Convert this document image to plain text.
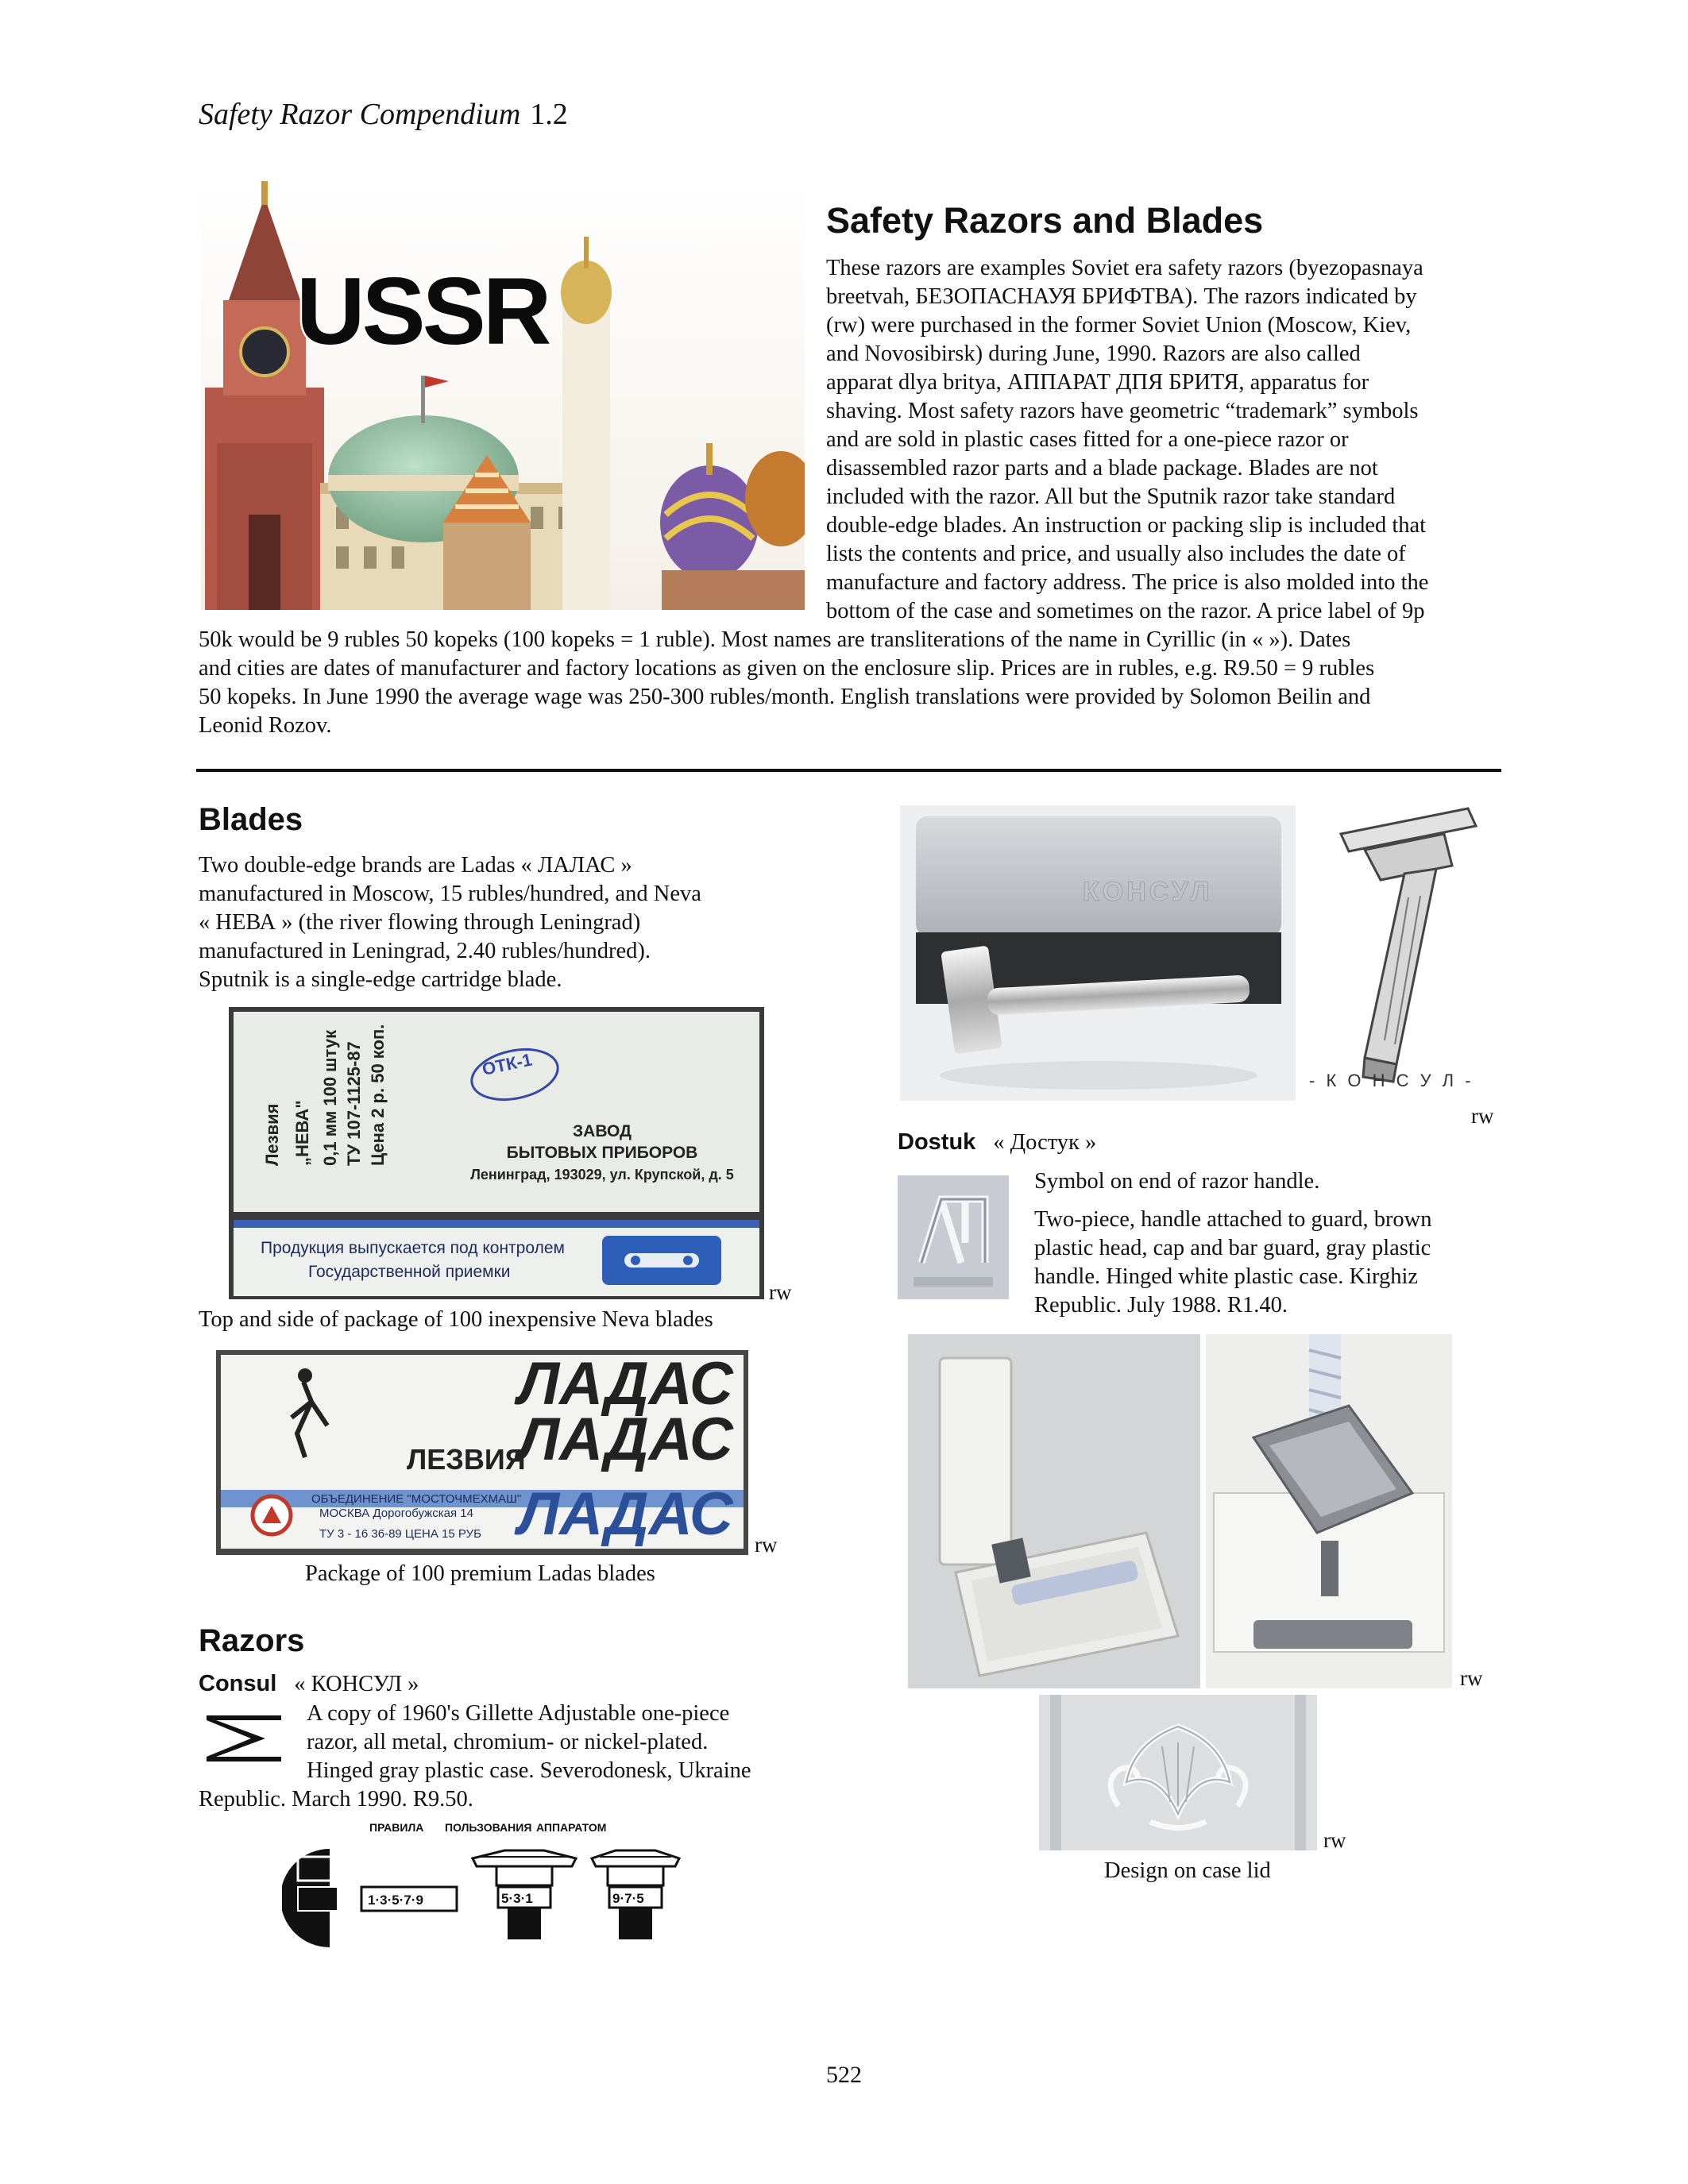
Safety Razor Compendium 1.2
USSR
Safety Razors and Blades
These razors are examples Soviet era safety razors (byezopasnaya
breetvah, БЕЗОПАСНАУЯ БРИФТВА). The razors indicated by
(rw) were purchased in the former Soviet Union (Moscow, Kiev,
and Novosibirsk) during June, 1990. Razors are also called
apparat dlya britya, АППАРАТ ДПЯ БРИТЯ, apparatus for
shaving. Most safety razors have geometric “trademark” symbols
and are sold in plastic cases fitted for a one-piece razor or
disassembled razor parts and a blade package. Blades are not
included with the razor. All but the Sputnik razor take standard
double-edge blades. An instruction or packing slip is included that
lists the contents and price, and usually also includes the date of
manufacture and factory address. The price is also molded into the
bottom of the case and sometimes on the razor. A price label of 9p
50k would be 9 rubles 50 kopeks (100 kopeks = 1 ruble). Most names are transliterations of the name in Cyrillic (in « »). Dates
and cities are dates of manufacturer and factory locations as given on the enclosure slip. Prices are in rubles, e.g. R9.50 = 9 rubles
50 kopeks. In June 1990 the average wage was 250-300 rubles/month. English translations were provided by Solomon Beilin and
Leonid Rozov.
Blades
Two double-edge brands are Ladas « ЛАЛАС »
manufactured in Moscow, 15 rubles/hundred, and Neva
« НЕВА » (the river flowing through Leningrad)
manufactured in Leningrad, 2.40 rubles/hundred).
Sputnik is a single-edge cartridge blade.
Лезвия „НЕВА" 0,1 мм 100 штук ТУ 107-1125-87 Цена 2 р. 50 коп.	ОТК-1
ЗАВОД
БЫТОВЫХ ПРИБОРОВ
Ленинград, 193029, ул. Крупской, д. 5
Продукция выпускается под контролем
Государственной приемки
rw
Top and side of package of 100 inexpensive Neva blades
ЛАДАС
ЛАДАС
ЛАДАС
ЛЕЗВИЯ
ОБЪЕДИНЕНИЕ "МОСТОЧМЕХМАШ"
МОСКВА Дорогобужская 14
ТУ 3 - 16 36-89 ЦЕНА 15 РУБ	rw
Package of 100 premium Ladas blades
Razors
Consul « КОНСУЛ »
A copy of 1960's Gillette Adjustable one-piece
razor, all metal, chromium- or nickel-plated.
Hinged gray plastic case. Severodonesk, Ukraine
Republic. March 1990. R9.50.
ПРАВИЛА ПОЛЬЗОВАНИЯ АППАРАТОМ
1·3·5·7·9	5·3·1	9·7·5
КОНСУЛ
- К О Н С У Л -
rw
Dostuk « Достук »
Symbol on end of razor handle.
Two-piece, handle attached to guard, brown
plastic head, cap and bar guard, gray plastic
handle. Hinged white plastic case. Kirghiz
Republic. July 1988. R1.40.
rw
rw
Design on case lid
522
